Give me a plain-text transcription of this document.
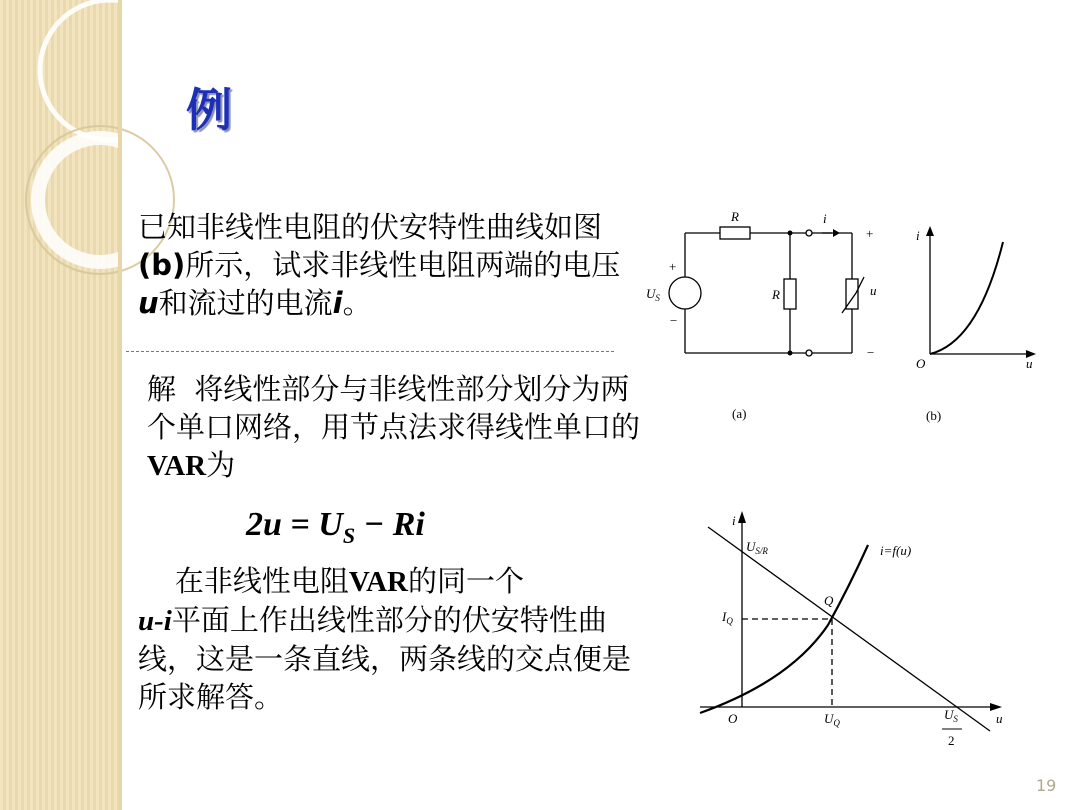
例
已知非线性电阻的伏安特性曲线如图(b)所示，试求非线性电阻两端的电压u和流过的电流i。
解  将线性部分与非线性部分划分为两个单口网络，用节点法求得线性单口的VAR为
$2u = U_S - Ri$
在非线性电阻VAR的同一个
u-i平面上作出线性部分的伏安特性曲线，这是一条直线，两条线的交点便是所求解答。
R
R
i
u
+
−
+
−
$U_S$
(a)
i
u
O
(b)
i
u
O
Q
$U_{S/R}$	i=f(u)
$I_Q$
$U_Q$
$U_S$
2
19
